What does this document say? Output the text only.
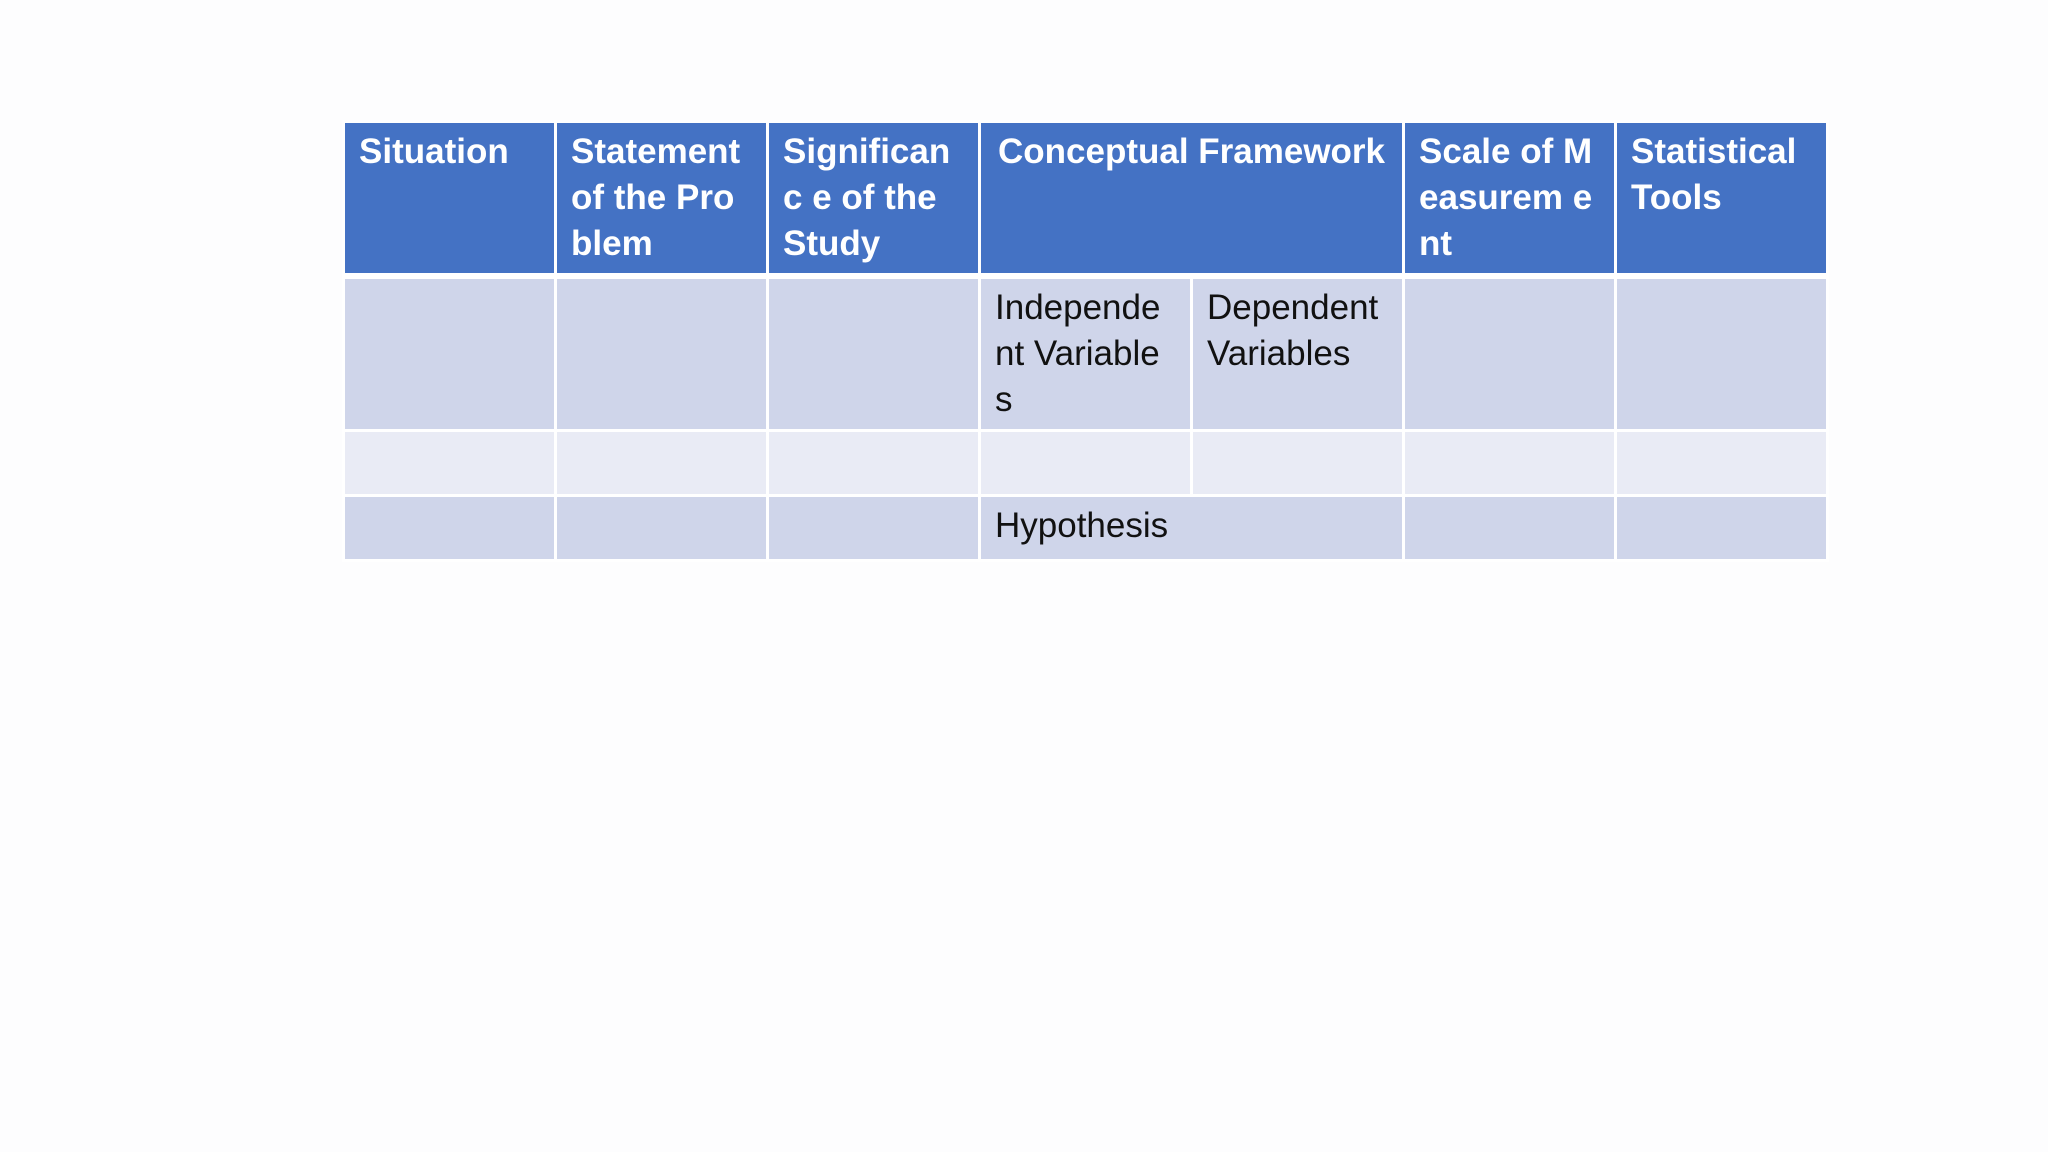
Situation	Statement of the Problem	Significanc e of the Study	Conceptual Framework		Scale of Measurem ent	Statistical Tools
			Independe nt Variables	Dependent Variables		

			Hypothesis			
